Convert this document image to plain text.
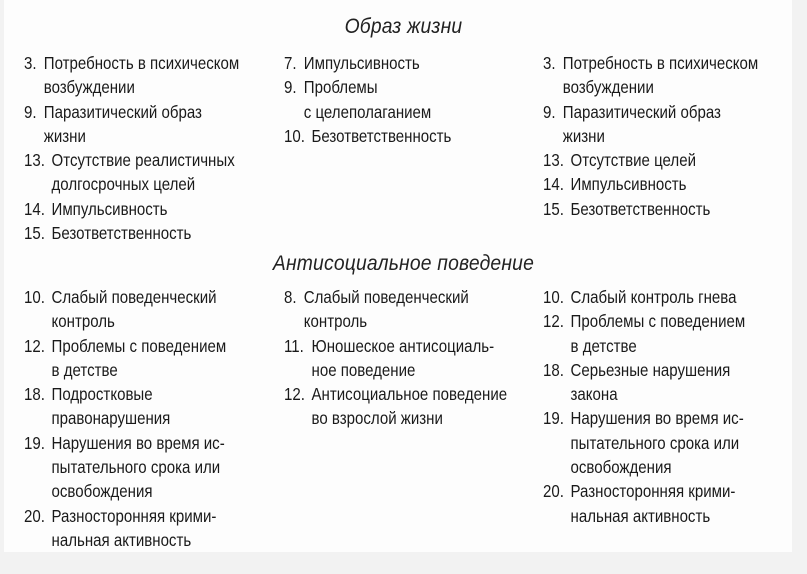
Образ жизни
3. Потребность в психическом
возбуждении
9. Паразитический образ
жизни
13. Отсутствие реалистичных
долгосрочных целей
14. Импульсивность
15. Безответственность
7. Импульсивность
9. Проблемы
с целеполаганием
10. Безответственность
3. Потребность в психическом
возбуждении
9. Паразитический образ
жизни
13. Отсутствие целей
14. Импульсивность
15. Безответственность
Антисоциальное поведение
10. Слабый поведенческий
контроль
12. Проблемы с поведением
в детстве
18. Подростковые
правонарушения
19. Нарушения во время ис-
пытательного срока или
освобождения
20. Разносторонняя крими-
нальная активность
8. Слабый поведенческий
контроль
11. Юношеское антисоциаль-
ное поведение
12. Антисоциальное поведение
во взрослой жизни
10. Слабый контроль гнева
12. Проблемы с поведением
в детстве
18. Серьезные нарушения
закона
19. Нарушения во время ис-
пытательного срока или
освобождения
20. Разносторонняя крими-
нальная активность
